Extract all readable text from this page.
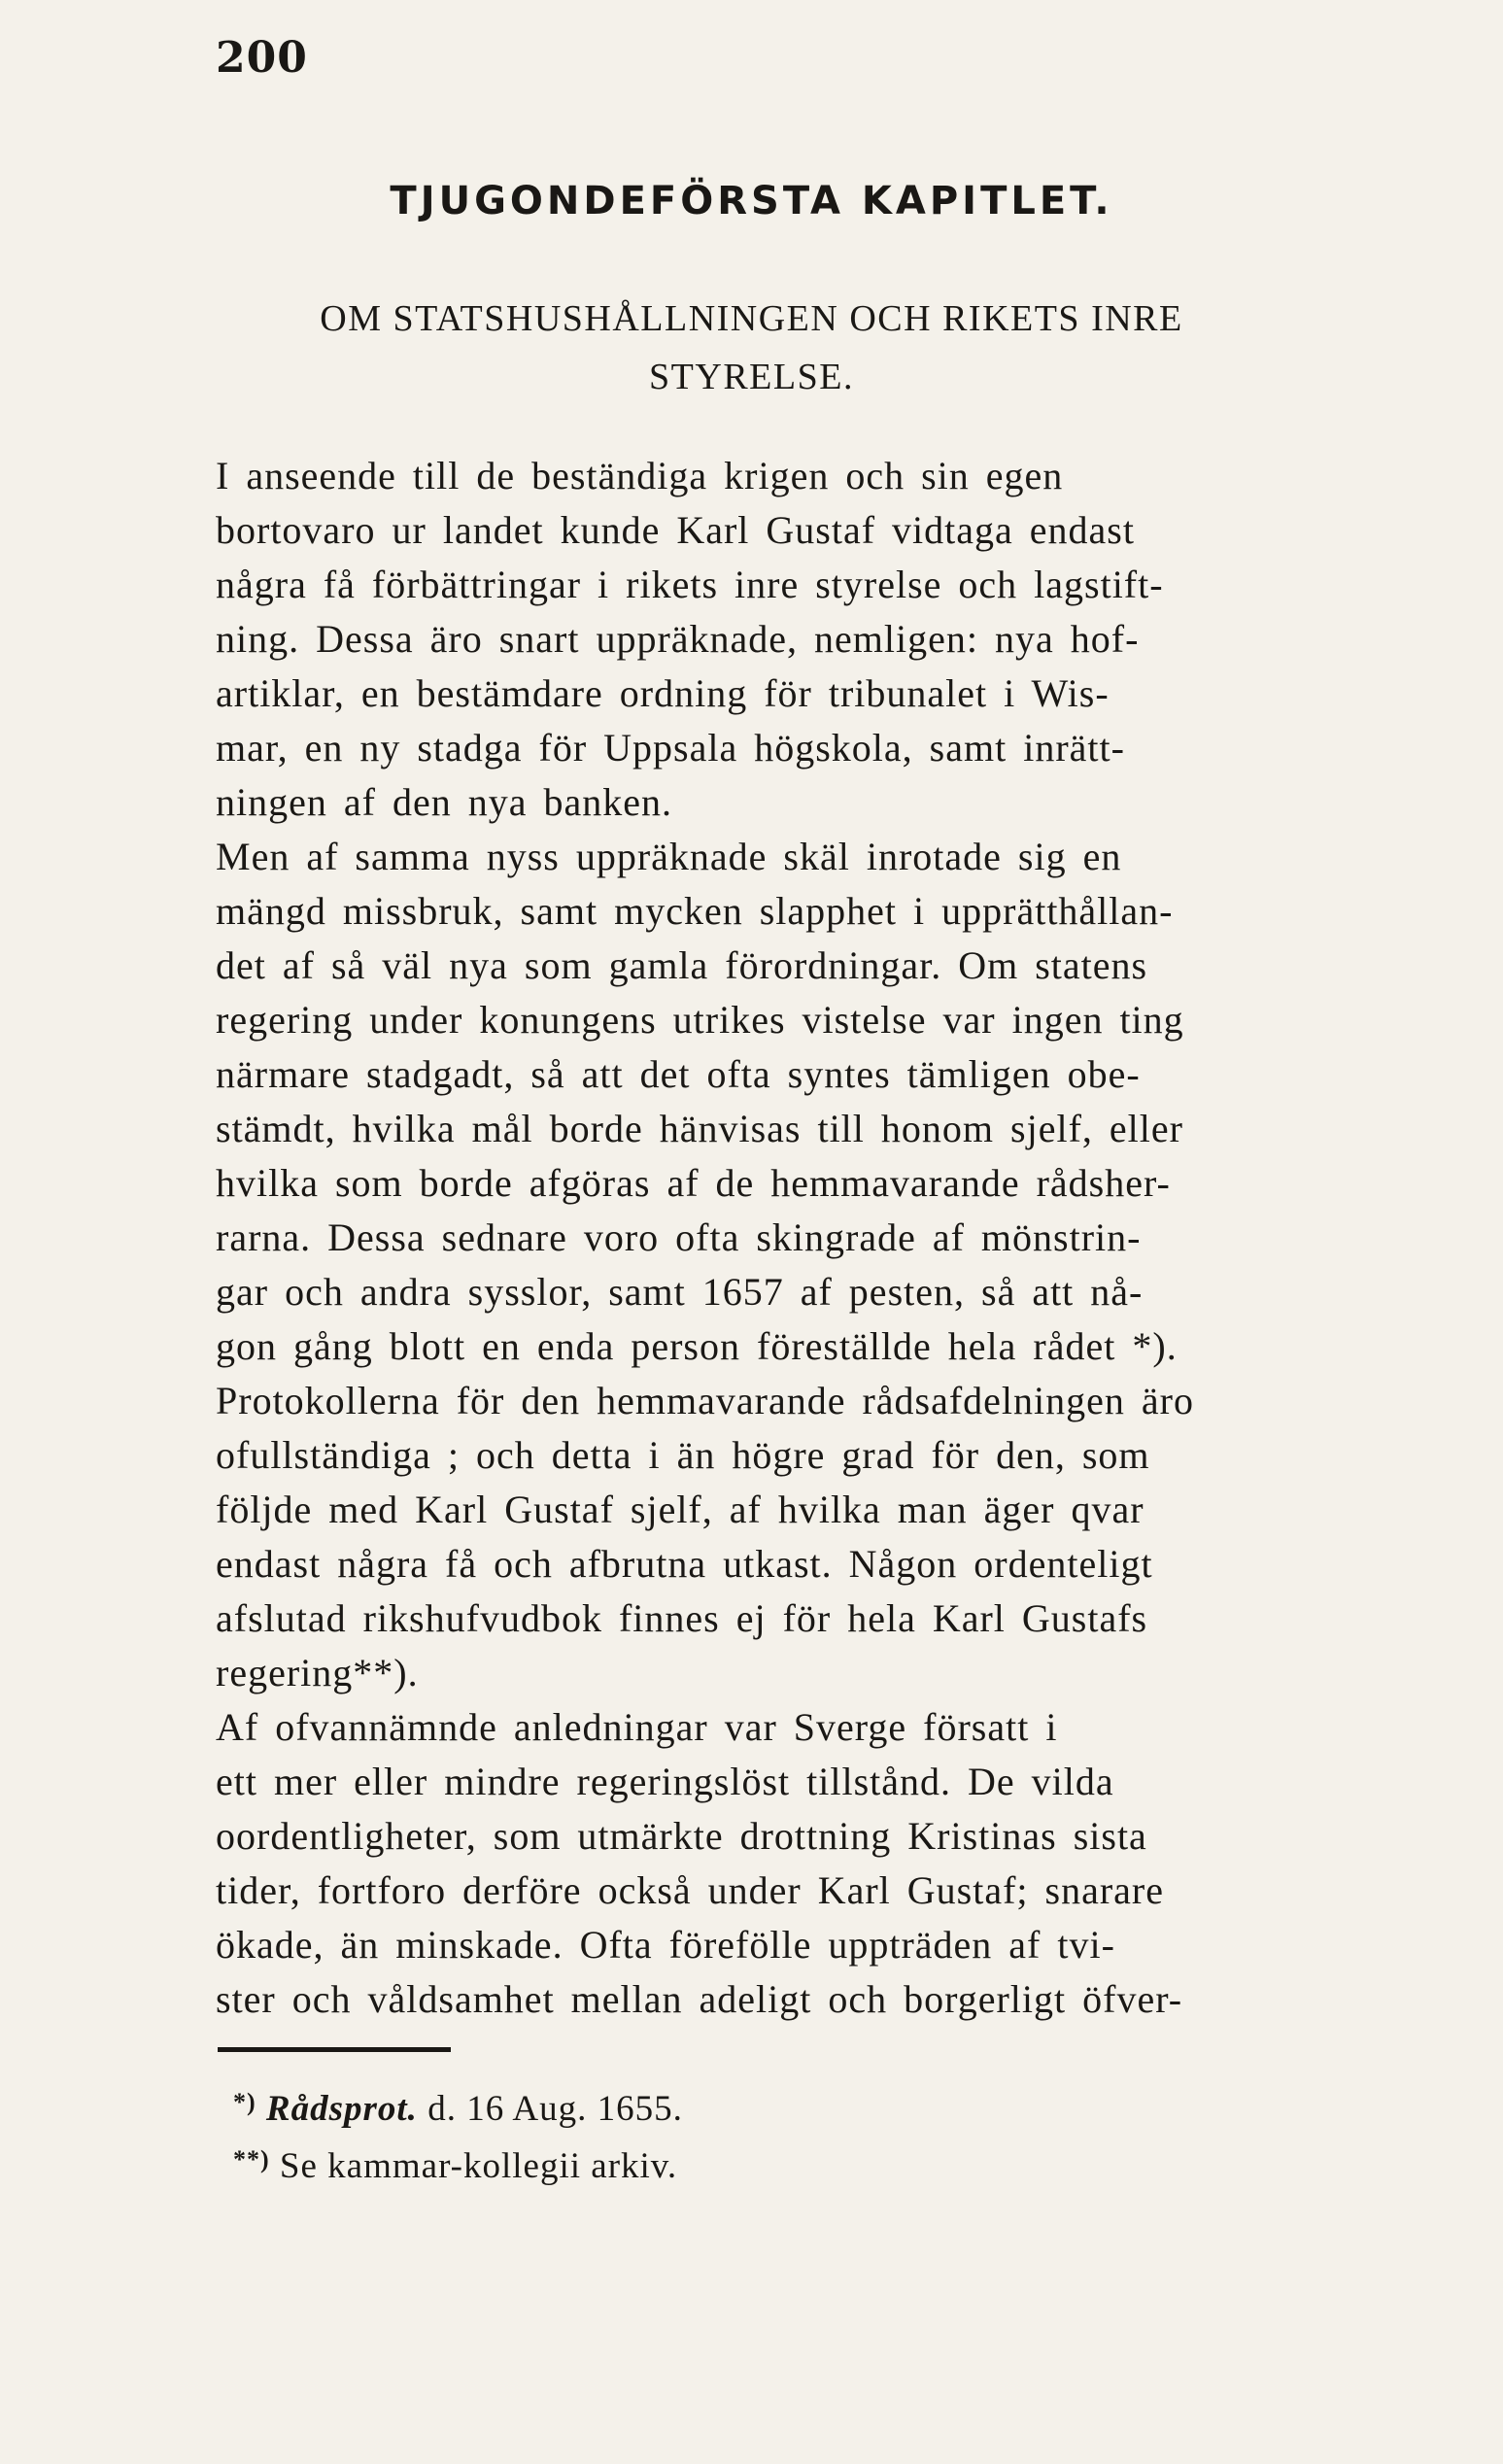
200
TJUGONDEFÖRSTA KAPITLET.
OM STATSHUSHÅLLNINGEN OCH RIKETS INRE
STYRELSE.
I anseende till de beständiga krigen och sin egen
bortovaro ur landet kunde Karl Gustaf vidtaga endast
några få förbättringar i rikets inre styrelse och lagstift-
ning. Dessa äro snart uppräknade, nemligen: nya hof-
artiklar, en bestämdare ordning för tribunalet i Wis-
mar, en ny stadga för Uppsala högskola, samt inrätt-
ningen af den nya banken.
Men af samma nyss uppräknade skäl inrotade sig en
mängd missbruk, samt mycken slapphet i upprätthållan-
det af så väl nya som gamla förordningar. Om statens
regering under konungens utrikes vistelse var ingen ting
närmare stadgadt, så att det ofta syntes tämligen obe-
stämdt, hvilka mål borde hänvisas till honom sjelf, eller
hvilka som borde afgöras af de hemmavarande rådsher-
rarna. Dessa sednare voro ofta skingrade af mönstrin-
gar och andra sysslor, samt 1657 af pesten, så att nå-
gon gång blott en enda person föreställde hela rådet *).
Protokollerna för den hemmavarande rådsafdelningen äro
ofullständiga ; och detta i än högre grad för den, som
följde med Karl Gustaf sjelf, af hvilka man äger qvar
endast några få och afbrutna utkast. Någon ordenteligt
afslutad rikshufvudbok finnes ej för hela Karl Gustafs
regering**).
Af ofvannämnde anledningar var Sverge försatt i
ett mer eller mindre regeringslöst tillstånd. De vilda
oordentligheter, som utmärkte drottning Kristinas sista
tider, fortforo derföre också under Karl Gustaf; snarare
ökade, än minskade. Ofta förefölle uppträden af tvi-
ster och våldsamhet mellan adeligt och borgerligt öfver-
*) Rådsprot. d. 16 Aug. 1655.
**) Se kammar-kollegii arkiv.
